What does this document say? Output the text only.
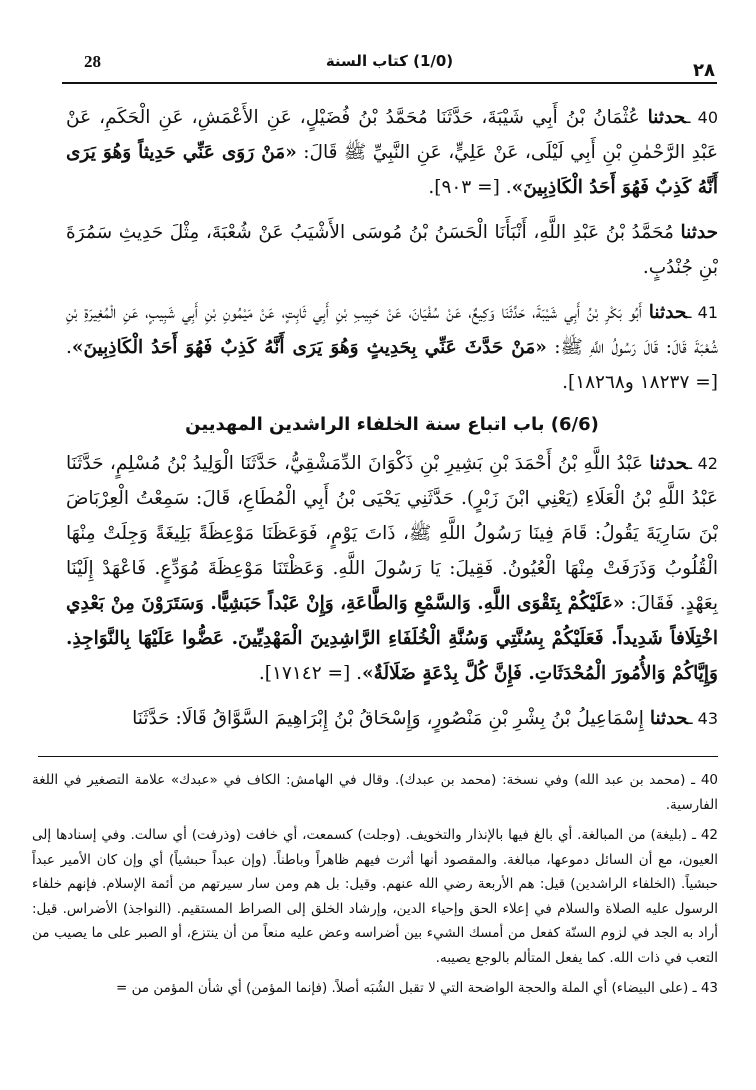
28	(1/0) كتاب السنة	٢٨

40 ـحدثنا عُثْمَانُ بْنُ أَبِي شَيْبَةَ، حَدَّثَنَا مُحَمَّدُ بْنُ فُضَيْلٍ، عَنِ الأَعْمَشِ، عَنِ الْحَكَمِ، عَنْ عَبْدِ الرَّحْمٰنِ بْنِ أَبِي لَيْلَى، عَنْ عَلِيٍّ، عَنِ النَّبِيِّ ﷺ قَالَ: «مَنْ رَوَى عَنِّي حَدِيثاً وَهُوَ يَرَى أَنَّهُ كَذِبٌ فَهُوَ أَحَدُ الْكَاذِبِينَ». [= ٩٠٣].

حدثنا مُحَمَّدُ بْنُ عَبْدِ اللَّهِ، أَنْبَأَنَا الْحَسَنُ بْنُ مُوسَى الأَشْيَبُ عَنْ شُعْبَةَ، مِثْلَ حَدِيثِ سَمُرَةَ بْنِ جُنْدُبٍ.

41 ـحدثنا أَبُو بَكْرِ بْنُ أَبِي شَيْبَةَ، حَدَّثَنَا وَكِيعٌ، عَنْ سُفْيَانَ، عَنْ حَبِيبِ بْنِ أَبِي ثَابِتٍ، عَنْ مَيْمُونِ بْنِ أَبِي شَبِيبٍ، عَنِ الْمُغِيرَةِ بْنِ شُعْبَةَ قَالَ: قَالَ رَسُولُ اللَّهِ ﷺ: «مَنْ حَدَّثَ عَنِّي بِحَدِيثٍ وَهُوَ يَرَى أَنَّهُ كَذِبٌ فَهُوَ أَحَدُ الْكَاذِبِينَ». [= ١٨٢٣٧ و١٨٢٦٨].

(6/6) باب اتباع سنة الخلفاء الراشدين المهديين

42 ـحدثنا عَبْدُ اللَّهِ بْنُ أَحْمَدَ بْنِ بَشِيرِ بْنِ ذَكْوَانَ الدِّمَشْقِيُّ، حَدَّثَنَا الْوَلِيدُ بْنُ مُسْلِمٍ، حَدَّثَنَا عَبْدُ اللَّهِ بْنُ الْعَلَاءِ (يَعْنِي ابْنَ زَبْرٍ). حَدَّثَنِي يَحْيَى بْنُ أَبِي الْمُطَاعِ، قَالَ: سَمِعْتُ الْعِرْبَاضَ بْنَ سَارِيَةَ يَقُولُ: قَامَ فِينَا رَسُولُ اللَّهِ ﷺ، ذَاتَ يَوْمٍ، فَوَعَظَنَا مَوْعِظَةً بَلِيغَةً وَجِلَتْ مِنْهَا الْقُلُوبُ وَذَرَفَتْ مِنْهَا الْعُيُونُ. فَقِيلَ: يَا رَسُولَ اللَّهِ. وَعَظْتَنَا مَوْعِظَةَ مُوَدِّعٍ. فَاعْهَدْ إِلَيْنَا بِعَهْدٍ. فَقَالَ: «عَلَيْكُمْ بِتَقْوَى اللَّهِ. وَالسَّمْعِ وَالطَّاعَةِ، وَإِنْ عَبْداً حَبَشِيًّا. وَسَتَرَوْنَ مِنْ بَعْدِي اخْتِلَافاً شَدِيداً. فَعَلَيْكُمْ بِسُنَّتِي وَسُنَّةِ الْخُلَفَاءِ الرَّاشِدِينَ الْمَهْدِيِّينَ. عَضُّوا عَلَيْهَا بِالنَّوَاجِذِ. وَإِيَّاكُمْ وَالأُمُورَ الْمُحْدَثَاتِ. فَإِنَّ كُلَّ بِدْعَةٍ ضَلَالَةٌ». [= ١٧١٤٢].

43 ـحدثنا إِسْمَاعِيلُ بْنُ بِشْرِ بْنِ مَنْصُورٍ، وَإِسْحَاقُ بْنُ إِبْرَاهِيمَ السَّوَّاقُ قَالَا: حَدَّثَنَا

40 ـ (محمد بن عبد الله) وفي نسخة: (محمد بن عبدك). وقال في الهامش: الكاف في «عبدك» علامة التصغير في اللغة الفارسية.

42 ـ (بليغة) من المبالغة. أي بالغ فيها بالإنذار والتخويف. (وجلت) كسمعت، أي خافت (وذرفت) أي سالت. وفي إسنادها إلى العيون، مع أن السائل دموعها، مبالغة. والمقصود أنها أثرت فيهم ظاهراً وباطناً. (وإن عبداً حبشياً) أي وإن كان الأمير عبداً حبشياً. (الخلفاء الراشدين) قيل: هم الأربعة رضي الله عنهم. وقيل: بل هم ومن سار سيرتهم من أئمة الإسلام. فإنهم خلفاء الرسول عليه الصلاة والسلام في إعلاء الحق وإحياء الدين، وإرشاد الخلق إلى الصراط المستقيم. (النواجذ) الأضراس. قيل: أراد به الجد في لزوم السنّة كفعل من أمسك الشيء بين أضراسه وعض عليه منعاً من أن ينتزع، أو الصبر على ما يصيب من التعب في ذات الله. كما يفعل المتألم بالوجع يصيبه.

43 ـ (على البيضاء) أي الملة والحجة الواضحة التي لا تقبل الشُبَه أصلاً. (فإنما المؤمن) أي شأن المؤمن من =
